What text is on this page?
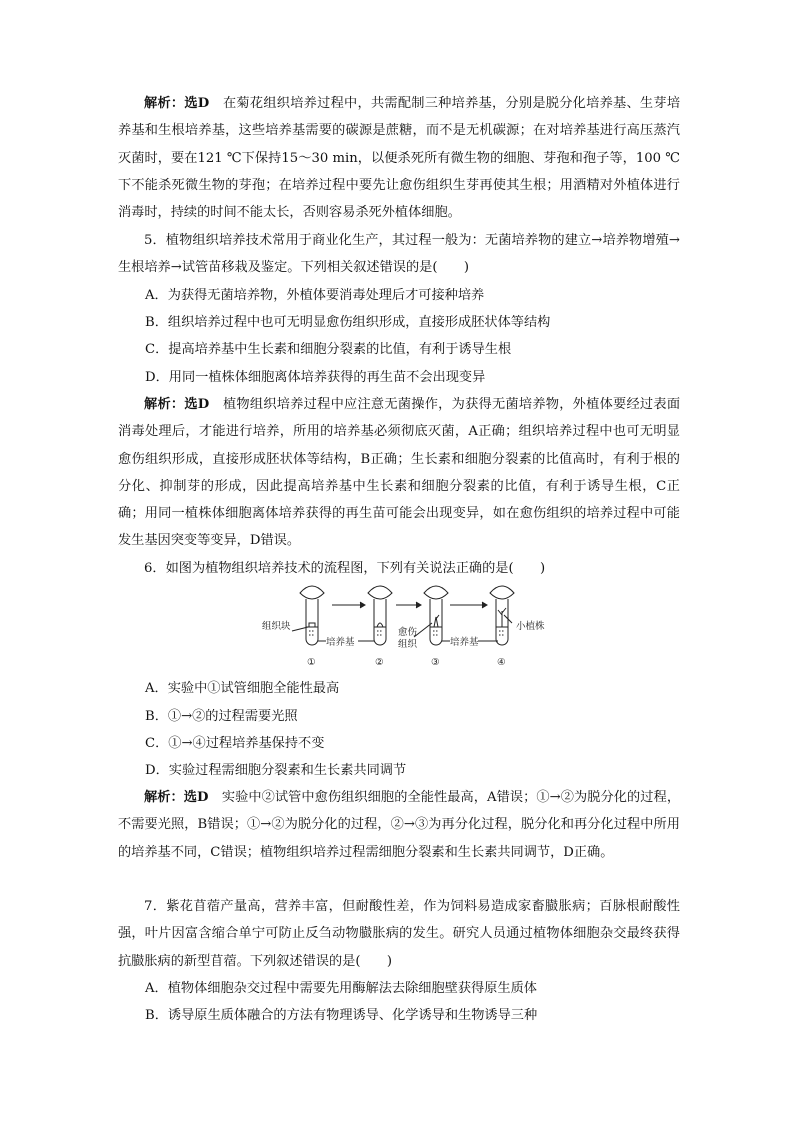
解析：选D　 在菊花组织培养过程中，共需配制三种培养基，分别是脱分化培养基、生芽培养基和生根培养基，这些培养基需要的碳源是蔗糖，而不是无机碳源；在对培养基进行高压蒸汽灭菌时，要在121 ℃下保持15～30 min，以便杀死所有微生物的细胞、芽孢和孢子等，100 ℃下不能杀死微生物的芽孢；在培养过程中要先让愈伤组织生芽再使其生根；用酒精对外植体进行消毒时，持续的时间不能太长，否则容易杀死外植体细胞。

5．植物组织培养技术常用于商业化生产，其过程一般为：无菌培养物的建立→培养物增殖→生根培养→试管苗移栽及鉴定。下列相关叙述错误的是(　　)

A．为获得无菌培养物，外植体要消毒处理后才可接种培养

B．组织培养过程中也可无明显愈伤组织形成，直接形成胚状体等结构

C．提高培养基中生长素和细胞分裂素的比值，有利于诱导生根

D．用同一植株体细胞离体培养获得的再生苗不会出现变异

解析：选D　 植物组织培养过程中应注意无菌操作，为获得无菌培养物，外植体要经过表面消毒处理后，才能进行培养，所用的培养基必须彻底灭菌，A正确；组织培养过程中也可无明显愈伤组织形成，直接形成胚状体等结构，B正确；生长素和细胞分裂素的比值高时，有利于根的分化、抑制芽的形成，因此提高培养基中生长素和细胞分裂素的比值，有利于诱导生根，C正确；用同一植株体细胞离体培养获得的再生苗可能会出现变异，如在愈伤组织的培养过程中可能发生基因突变等变异，D错误。

6．如图为植物组织培养技术的流程图，下列有关说法正确的是(　　)

组织块
培养基
愈伤
组织	培养基
小植株
①	②	③	④

A．实验中①试管细胞全能性最高

B．①→②的过程需要光照

C．①→④过程培养基保持不变

D．实验过程需细胞分裂素和生长素共同调节

解析：选D　 实验中②试管中愈伤组织细胞的全能性最高，A错误；①→②为脱分化的过程，不需要光照，B错误；①→②为脱分化的过程，②→③为再分化过程，脱分化和再分化过程中所用的培养基不同，C错误；植物组织培养过程需细胞分裂素和生长素共同调节，D正确。

7．紫花苜蓿产量高，营养丰富，但耐酸性差，作为饲料易造成家畜臌胀病；百脉根耐酸性强，叶片因富含缩合单宁可防止反刍动物臌胀病的发生。研究人员通过植物体细胞杂交最终获得抗臌胀病的新型苜蓿。下列叙述错误的是(　　)

A．植物体细胞杂交过程中需要先用酶解法去除细胞壁获得原生质体

B．诱导原生质体融合的方法有物理诱导、化学诱导和生物诱导三种
